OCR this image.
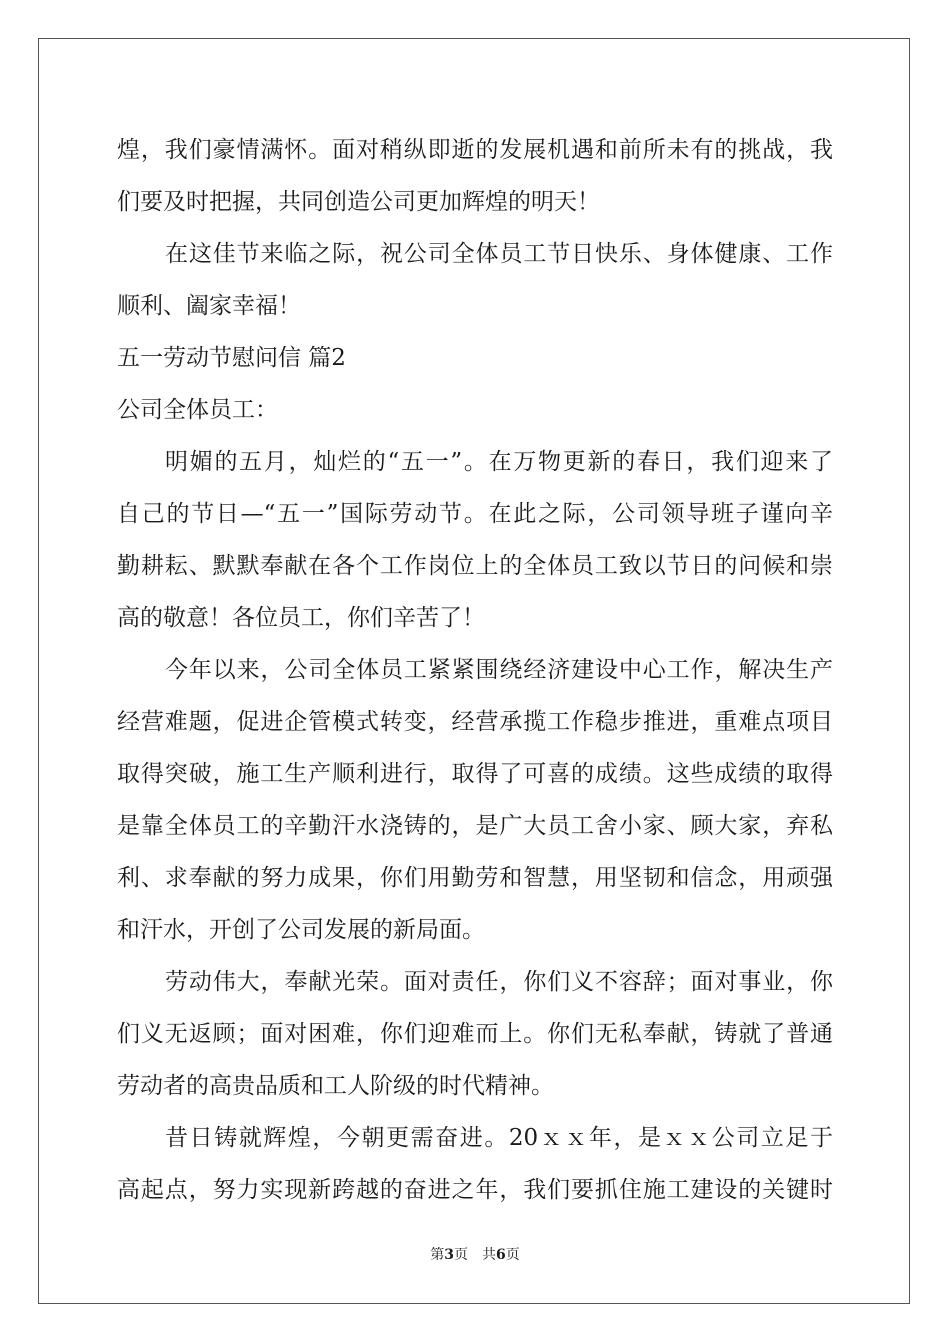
煌，我们豪情满怀。面对稍纵即逝的发展机遇和前所未有的挑战，我
们要及时把握，共同创造公司更加辉煌的明天！
在这佳节来临之际，祝公司全体员工节日快乐、身体健康、工作
顺利、阖家幸福！
五一劳动节慰问信 篇2
公司全体员工：
明媚的五月，灿烂的“五一”。在万物更新的春日，我们迎来了
自己的节日—“五一”国际劳动节。在此之际，公司领导班子谨向辛
勤耕耘、默默奉献在各个工作岗位上的全体员工致以节日的问候和崇
高的敬意！各位员工，你们辛苦了！
今年以来，公司全体员工紧紧围绕经济建设中心工作，解决生产
经营难题，促进企管模式转变，经营承揽工作稳步推进，重难点项目
取得突破，施工生产顺利进行，取得了可喜的成绩。这些成绩的取得
是靠全体员工的辛勤汗水浇铸的，是广大员工舍小家、顾大家，弃私
利、求奉献的努力成果，你们用勤劳和智慧，用坚韧和信念，用顽强
和汗水，开创了公司发展的新局面。
劳动伟大，奉献光荣。面对责任，你们义不容辞；面对事业，你
们义无返顾；面对困难，你们迎难而上。你们无私奉献，铸就了普通
劳动者的高贵品质和工人阶级的时代精神。
昔日铸就辉煌，今朝更需奋进。20ｘｘ年，是ｘｘ公司立足于
高起点，努力实现新跨越的奋进之年，我们要抓住施工建设的关键时
第3页　共6页
